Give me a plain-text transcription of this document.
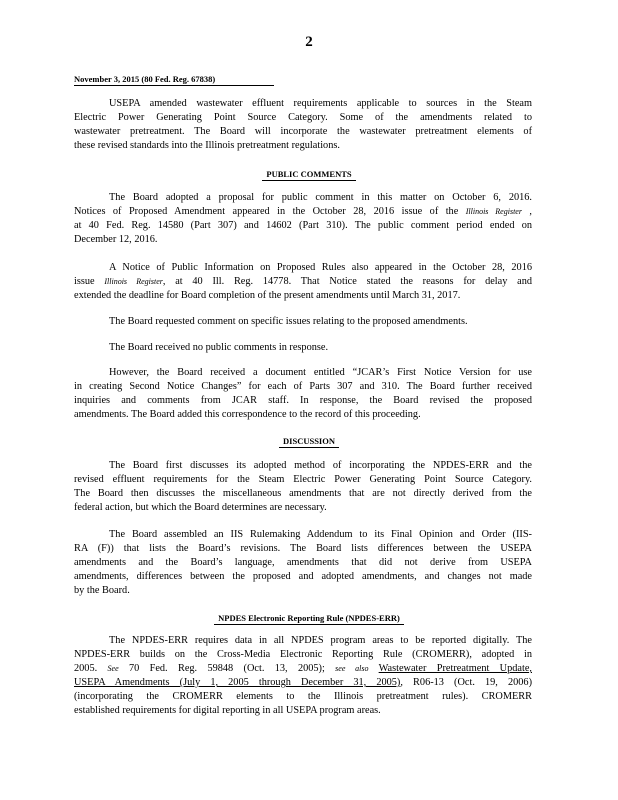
2
November 3, 2015 (80 Fed. Reg. 67838)
USEPA amended wastewater effluent requirements applicable to sources in the Steam
Electric Power Generating Point Source Category. Some of the amendments related to
wastewater pretreatment. The Board will incorporate the wastewater pretreatment elements of
these revised standards into the Illinois pretreatment regulations.
PUBLIC COMMENTS
The Board adopted a proposal for public comment in this matter on October 6, 2016.
Notices of Proposed Amendment appeared in the October 28, 2016 issue of the Illinois Register ,
at 40 Fed. Reg. 14580 (Part 307) and 14602 (Part 310). The public comment period ended on
December 12, 2016.
A Notice of Public Information on Proposed Rules also appeared in the October 28, 2016
issue Illinois Register, at 40 Ill. Reg. 14778. That Notice stated the reasons for delay and
extended the deadline for Board completion of the present amendments until March 31, 2017.
The Board requested comment on specific issues relating to the proposed amendments.
The Board received no public comments in response.
However, the Board received a document entitled “JCAR’s First Notice Version for use
in creating Second Notice Changes” for each of Parts 307 and 310. The Board further received
inquiries and comments from JCAR staff. In response, the Board revised the proposed
amendments. The Board added this correspondence to the record of this proceeding.
DISCUSSION
The Board first discusses its adopted method of incorporating the NPDES-ERR and the
revised effluent requirements for the Steam Electric Power Generating Point Source Category.
The Board then discusses the miscellaneous amendments that are not directly derived from the
federal action, but which the Board determines are necessary.
The Board assembled an IIS Rulemaking Addendum to its Final Opinion and Order (IIS-
RA (F)) that lists the Board’s revisions. The Board lists differences between the USEPA
amendments and the Board’s language, amendments that did not derive from USEPA
amendments, differences between the proposed and adopted amendments, and changes not made
by the Board.
NPDES Electronic Reporting Rule (NPDES-ERR)
The NPDES-ERR requires data in all NPDES program areas to be reported digitally. The
NPDES-ERR builds on the Cross-Media Electronic Reporting Rule (CROMERR), adopted in
2005. See 70 Fed. Reg. 59848 (Oct. 13, 2005); see also Wastewater Pretreatment Update,
USEPA Amendments (July 1, 2005 through December 31, 2005), R06-13 (Oct. 19, 2006)
(incorporating the CROMERR elements to the Illinois pretreatment rules). CROMERR
established requirements for digital reporting in all USEPA program areas.
